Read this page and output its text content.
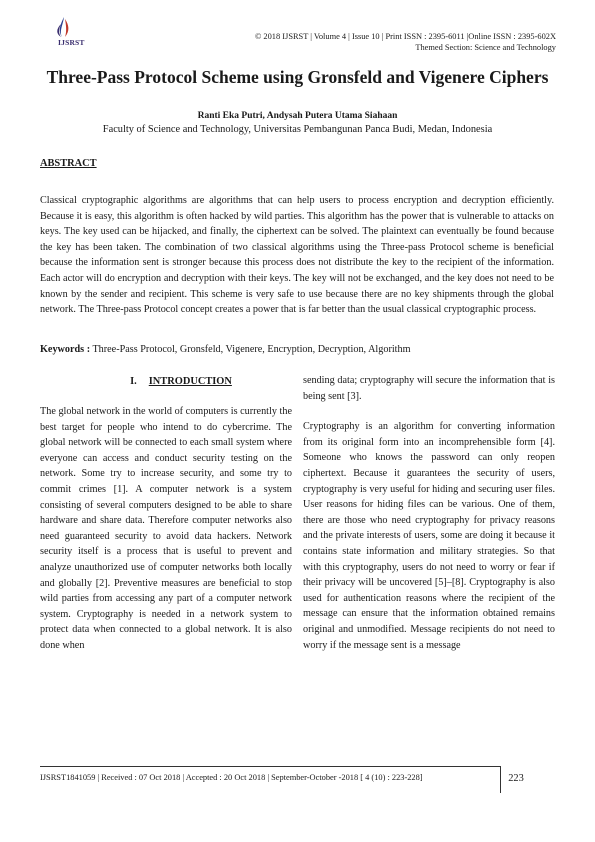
IJSRST
© 2018 IJSRST | Volume 4 | Issue 10 | Print ISSN : 2395-6011 |Online ISSN : 2395-602X
Themed Section: Science and Technology
Three-Pass Protocol Scheme using Gronsfeld and Vigenere Ciphers
Ranti Eka Putri, Andysah Putera Utama Siahaan
Faculty of Science and Technology, Universitas Pembangunan Panca Budi, Medan, Indonesia
ABSTRACT
Classical cryptographic algorithms are algorithms that can help users to process encryption and decryption efficiently. Because it is easy, this algorithm is often hacked by wild parties. This algorithm has the power that is vulnerable to attacks on keys. The key used can be hijacked, and finally, the ciphertext can be solved. The plaintext can eventually be found because the key has been taken. The combination of two classical algorithms using the Three-pass Protocol scheme is beneficial because the information sent is stronger because this process does not distribute the key to the recipient of the information. Each actor will do encryption and decryption with their keys. The key will not be exchanged, and the key does not need to be known by the sender and recipient. This scheme is very safe to use because there are no key shipments through the global network. The Three-pass Protocol concept creates a power that is far better than the usual classical cryptographic process.
Keywords : Three-Pass Protocol, Gronsfeld, Vigenere, Encryption, Decryption, Algorithm
I. INTRODUCTION

The global network in the world of computers is currently the best target for people who intend to do cybercrime. The global network will be connected to each small system where everyone can access and conduct security testing on the network. Some try to increase security, and some try to commit crimes [1]. A computer network is a system consisting of several computers designed to be able to share hardware and share data. Therefore computer networks also need guaranteed security to avoid data hackers. Network security itself is a process that is useful to prevent and analyze unauthorized use of computer networks both locally and globally [2]. Preventive measures are beneficial to stop wild parties from accessing any part of a computer network system. Cryptography is needed in a network system to protect data when connected to a global network. It is also done when

sending data; cryptography will secure the information that is being sent [3].

Cryptography is an algorithm for converting information from its original form into an incomprehensible form [4]. Someone who knows the password can only reopen ciphertext. Because it guarantees the security of users, cryptography is very useful for hiding and securing user files. User reasons for hiding files can be various. One of them, there are those who need cryptography for privacy reasons and the private interests of users, some are doing it because it contains state information and military strategies. So that with this cryptography, users do not need to worry or fear if their privacy will be uncovered [5]–[8]. Cryptography is also used for authentication reasons where the recipient of the message can ensure that the information obtained remains original and unmodified. Message recipients do not need to worry if the message sent is a message

IJSRST1841059 | Received : 07 Oct 2018 | Accepted : 20 Oct 2018 | September-October -2018 [ 4 (10) : 223-228]	223
